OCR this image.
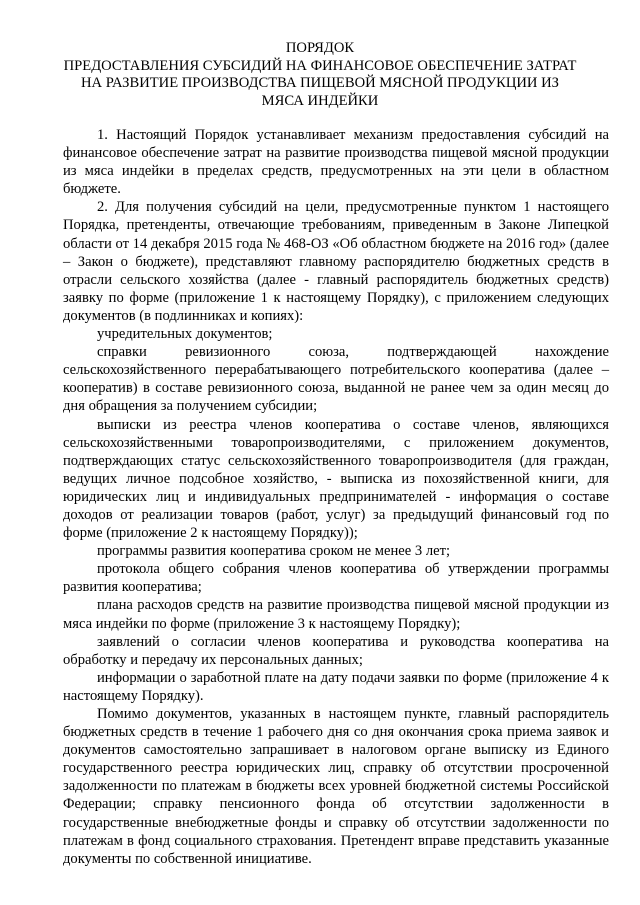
ПОРЯДОК
ПРЕДОСТАВЛЕНИЯ СУБСИДИЙ НА ФИНАНСОВОЕ ОБЕСПЕЧЕНИЕ ЗАТРАТ
НА РАЗВИТИЕ ПРОИЗВОДСТВА ПИЩЕВОЙ МЯСНОЙ ПРОДУКЦИИ ИЗ
МЯСА ИНДЕЙКИ

1. Настоящий Порядок устанавливает механизм предоставления субсидий на финансовое обеспечение затрат на развитие производства пищевой мясной продукции из мяса индейки в пределах средств, предусмотренных на эти цели в областном бюджете.

2. Для получения субсидий на цели, предусмотренные пунктом 1 настоящего Порядка, претенденты, отвечающие требованиям, приведенным в Законе Липецкой области от 14 декабря 2015 года № 468-ОЗ «Об областном бюджете на 2016 год» (далее – Закон о бюджете), представляют главному распорядителю бюджетных средств в отрасли сельского хозяйства (далее - главный распорядитель бюджетных средств) заявку по форме (приложение 1 к настоящему Порядку), с приложением следующих документов (в подлинниках и копиях):

учредительных документов;

справки ревизионного союза, подтверждающей нахождение сельскохозяйственного перерабатывающего потребительского кооператива (далее – кооператив) в составе ревизионного союза, выданной не ранее чем за один месяц до дня обращения за получением субсидии;

выписки из реестра членов кооператива о составе членов, являющихся сельскохозяйственными товаропроизводителями, с приложением документов, подтверждающих статус сельскохозяйственного товаропроизводителя (для граждан, ведущих личное подсобное хозяйство, - выписка из похозяйственной книги, для юридических лиц и индивидуальных предпринимателей - информация о составе доходов от реализации товаров (работ, услуг) за предыдущий финансовый год по форме (приложение 2 к настоящему Порядку));

программы развития кооператива сроком не менее 3 лет;

протокола общего собрания членов кооператива об утверждении программы развития кооператива;

плана расходов средств на развитие производства пищевой мясной продукции из мяса индейки по форме (приложение 3 к настоящему Порядку);

заявлений о согласии членов кооператива и руководства кооператива на обработку и передачу их персональных данных;

информации о заработной плате на дату подачи заявки по форме (приложение 4 к настоящему Порядку).

Помимо документов, указанных в настоящем пункте, главный распорядитель бюджетных средств в течение 1 рабочего дня со дня окончания срока приема заявок и документов самостоятельно запрашивает в налоговом органе выписку из Единого государственного реестра юридических лиц, справку об отсутствии просроченной задолженности по платежам в бюджеты всех уровней бюджетной системы Российской Федерации; справку пенсионного фонда об отсутствии задолженности в государственные внебюджетные фонды и справку об отсутствии задолженности по платежам в фонд социального страхования. Претендент вправе представить указанные документы по собственной инициативе.
